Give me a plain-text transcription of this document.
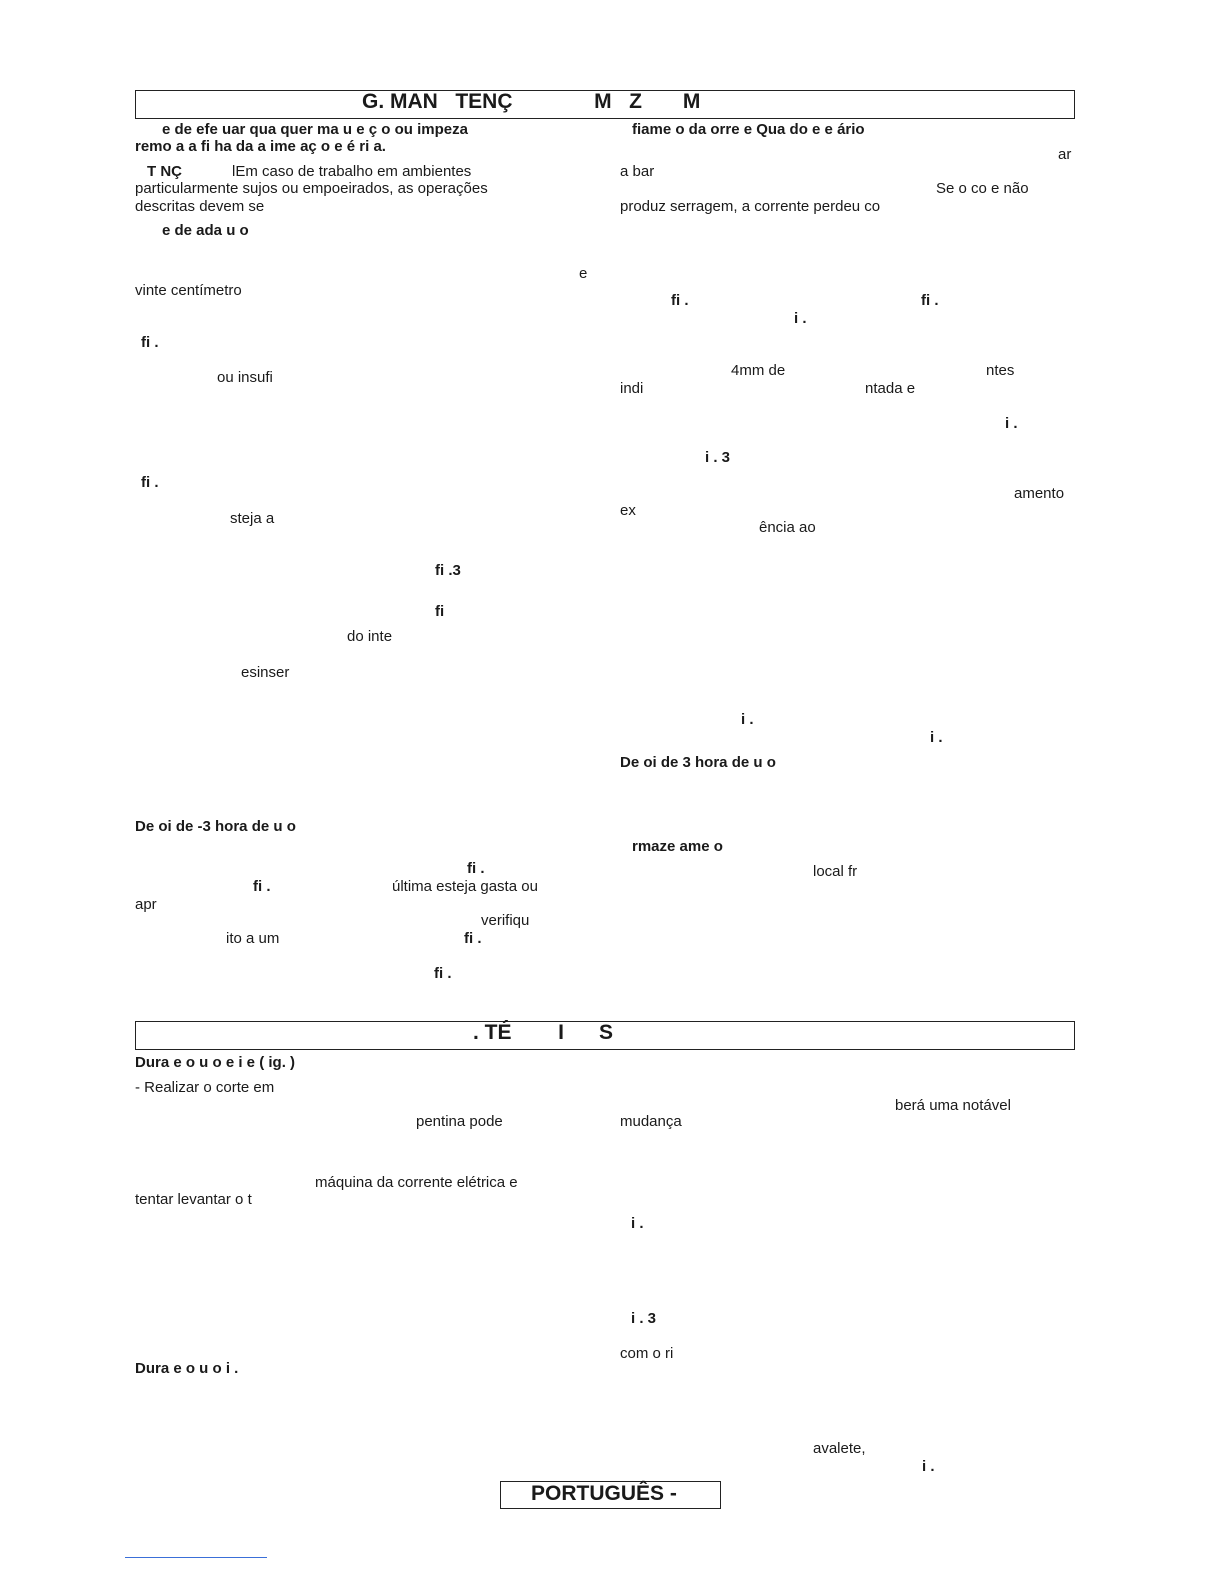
G. MAN   TENÇ              M   Z       M
e de efe uar qua quer ma u e ç o ou impeza
remo a a fi ha da a ime aç o e é ri a.
T NÇ	lEm caso de trabalho em ambientes
particularmente sujos ou empoeirados, as operações
descritas devem se
e de ada u o
e
vinte centímetro
fi .
ou insufi
fi .
steja a
fi .3
fi
do inte
esinser
De oi de -3 hora de u o
fi .
fi .	última esteja gasta ou
apr
verifiqu
ito a um	fi .
fi .
fiame o da orre e Qua do e e ário
ar
a bar
Se o co e não
produz serragem, a corrente perdeu co
fi .	fi .
i .
4mm de	ntes
indi	ntada e
i .
i . 3
amento
ex
ência ao
i .
i .
De oi de 3 hora de u o
rmaze ame o
local fr
. TÉ        I      S
Dura e o u o e i e ( ig. )
- Realizar o corte em
pentina pode
máquina da corrente elétrica e
tentar levantar o t
Dura e o u o i .
berá uma notável
mudança
i .
i . 3
com o ri
avalete,
i .
PORTUGUÊS -
